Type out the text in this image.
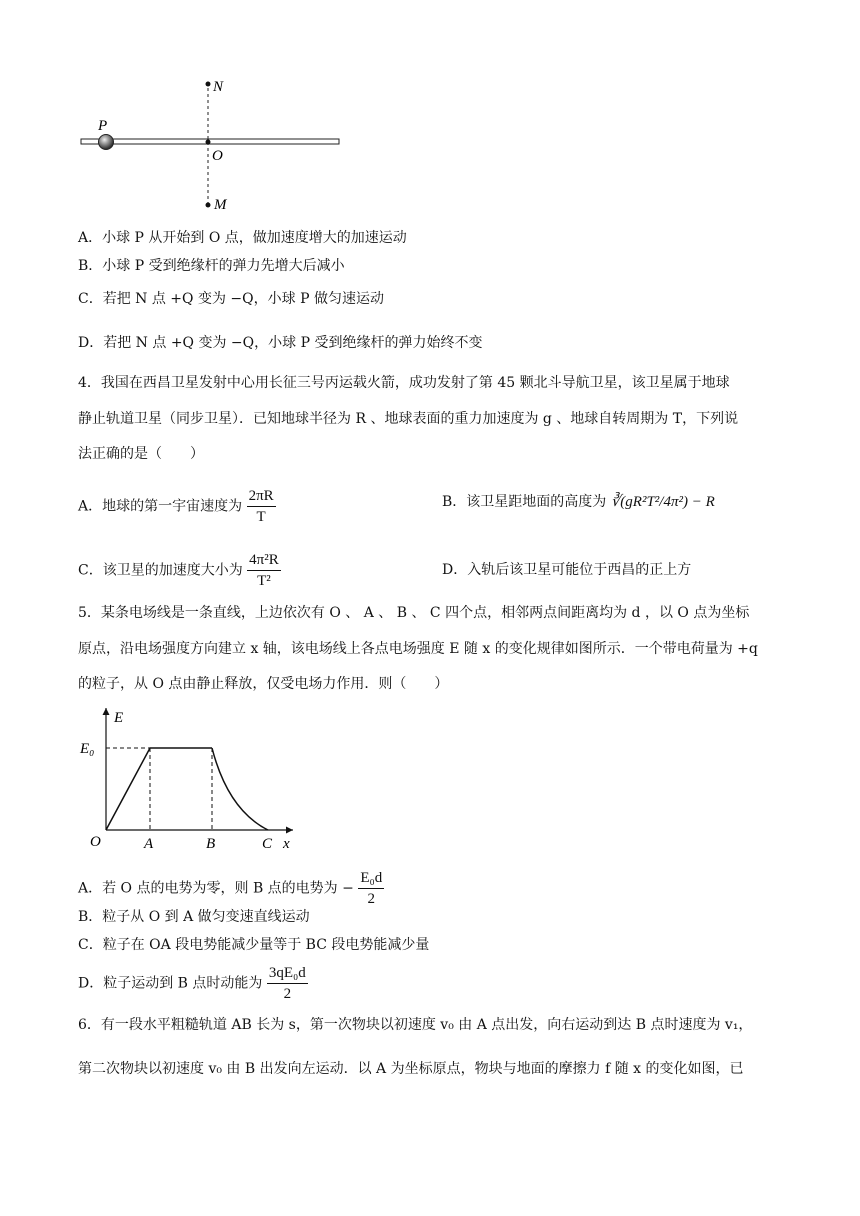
N
O
M
P
A．小球 P 从开始到 O 点，做加速度增大的加速运动
B．小球 P 受到绝缘杆的弹力先增大后减小
C．若把 N 点 +Q 变为 −Q，小球 P 做匀速运动
D．若把 N 点 +Q 变为 −Q，小球 P 受到绝缘杆的弹力始终不变
4．我国在西昌卫星发射中心用长征三号丙运载火箭，成功发射了第 45 颗北斗导航卫星，该卫星属于地球
静止轨道卫星（同步卫星）．已知地球半径为 R 、地球表面的重力加速度为 g 、地球自转周期为 T，下列说
法正确的是（　　）
A．地球的第一宇宙速度为 $\frac{2\pi R}{T}$	B．该卫星距地面的高度为 ∛(gR²T²/4π²) − R
C．该卫星的加速度大小为 $\frac{\text{4π²R}}{\text{T²}}$	D．入轨后该卫星可能位于西昌的正上方
5．某条电场线是一条直线，上边依次有 O 、 A 、 B 、 C 四个点，相邻两点间距离均为 d ，以 O 点为坐标
原点，沿电场强度方向建立 x 轴，该电场线上各点电场强度 E 随 x 的变化规律如图所示．一个带电荷量为 +q
的粒子，从 O 点由静止释放，仅受电场力作用．则（　　）
E
E₀
O	A	B	C x
A．若 O 点的电势为零，则 B 点的电势为 − $\frac{\text{E₀d}}{2}$
B．粒子从 O 到 A 做匀变速直线运动
C．粒子在 OA 段电势能减少量等于 BC 段电势能减少量
D．粒子运动到 B 点时动能为 $\frac{\text{3qE₀d}}{2}$
6．有一段水平粗糙轨道 AB 长为 s，第一次物块以初速度 v₀ 由 A 点出发，向右运动到达 B 点时速度为 v₁，
第二次物块以初速度 v₀ 由 B 出发向左运动．以 A 为坐标原点，物块与地面的摩擦力 f 随 x 的变化如图，已
